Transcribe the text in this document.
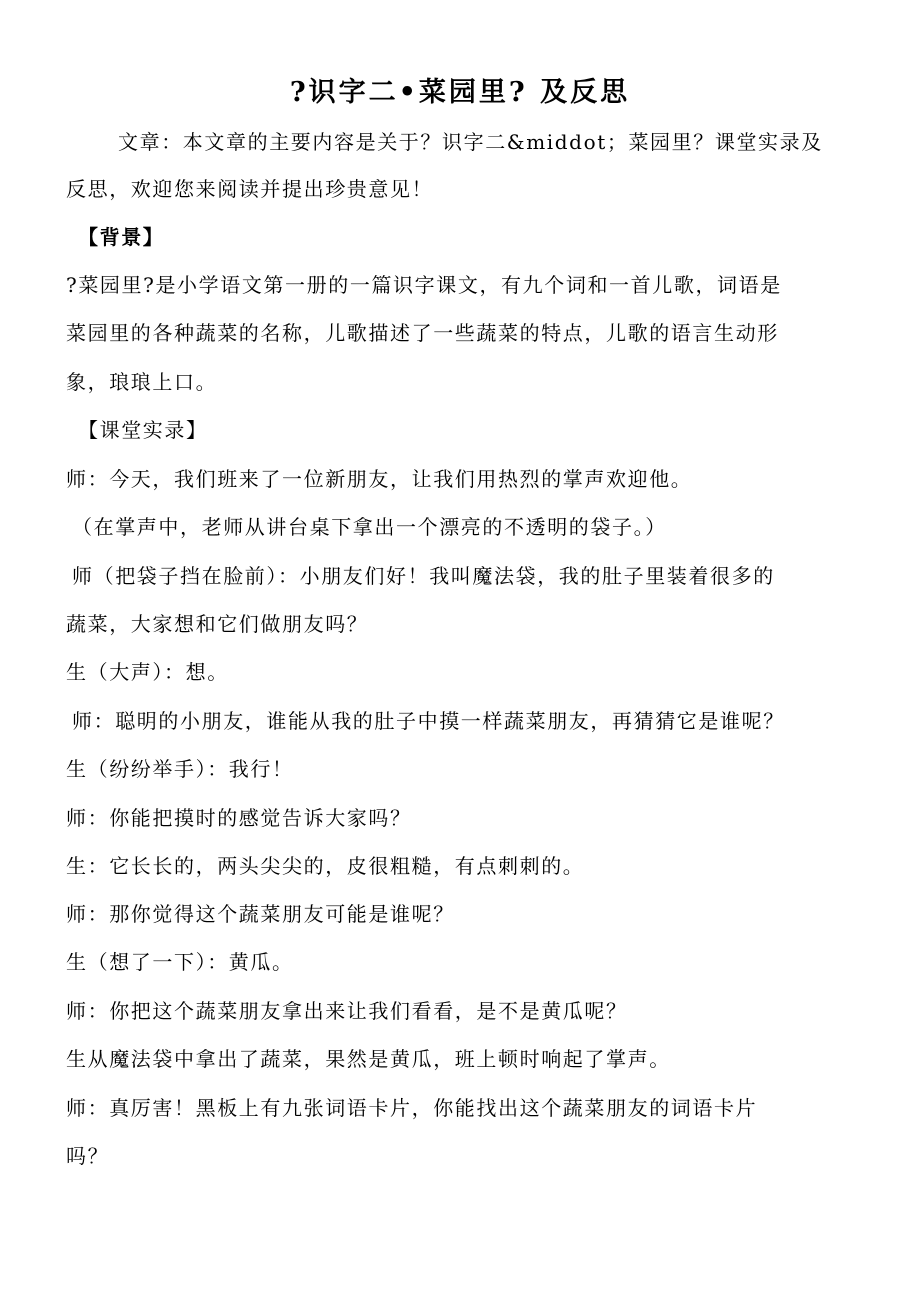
?识字二•菜园里? 及反思
文章：本文章的主要内容是关于？识字二&middot；菜园里？课堂实录及
反思，欢迎您来阅读并提出珍贵意见！
【背景】
?菜园里?是小学语文第一册的一篇识字课文，有九个词和一首儿歌，词语是
菜园里的各种蔬菜的名称，儿歌描述了一些蔬菜的特点，儿歌的语言生动形
象，琅琅上口。
【课堂实录】
师：今天，我们班来了一位新朋友，让我们用热烈的掌声欢迎他。
（在掌声中，老师从讲台桌下拿出一个漂亮的不透明的袋子。）
师（把袋子挡在脸前）：小朋友们好！我叫魔法袋，我的肚子里装着很多的
蔬菜，大家想和它们做朋友吗？
生（大声）：想。
师：聪明的小朋友，谁能从我的肚子中摸一样蔬菜朋友，再猜猜它是谁呢？
生（纷纷举手）：我行！
师：你能把摸时的感觉告诉大家吗？
生：它长长的，两头尖尖的，皮很粗糙，有点刺刺的。
师：那你觉得这个蔬菜朋友可能是谁呢？
生（想了一下）：黄瓜。
师：你把这个蔬菜朋友拿出来让我们看看，是不是黄瓜呢？
生从魔法袋中拿出了蔬菜，果然是黄瓜，班上顿时响起了掌声。
师：真厉害！黑板上有九张词语卡片，你能找出这个蔬菜朋友的词语卡片
吗？
